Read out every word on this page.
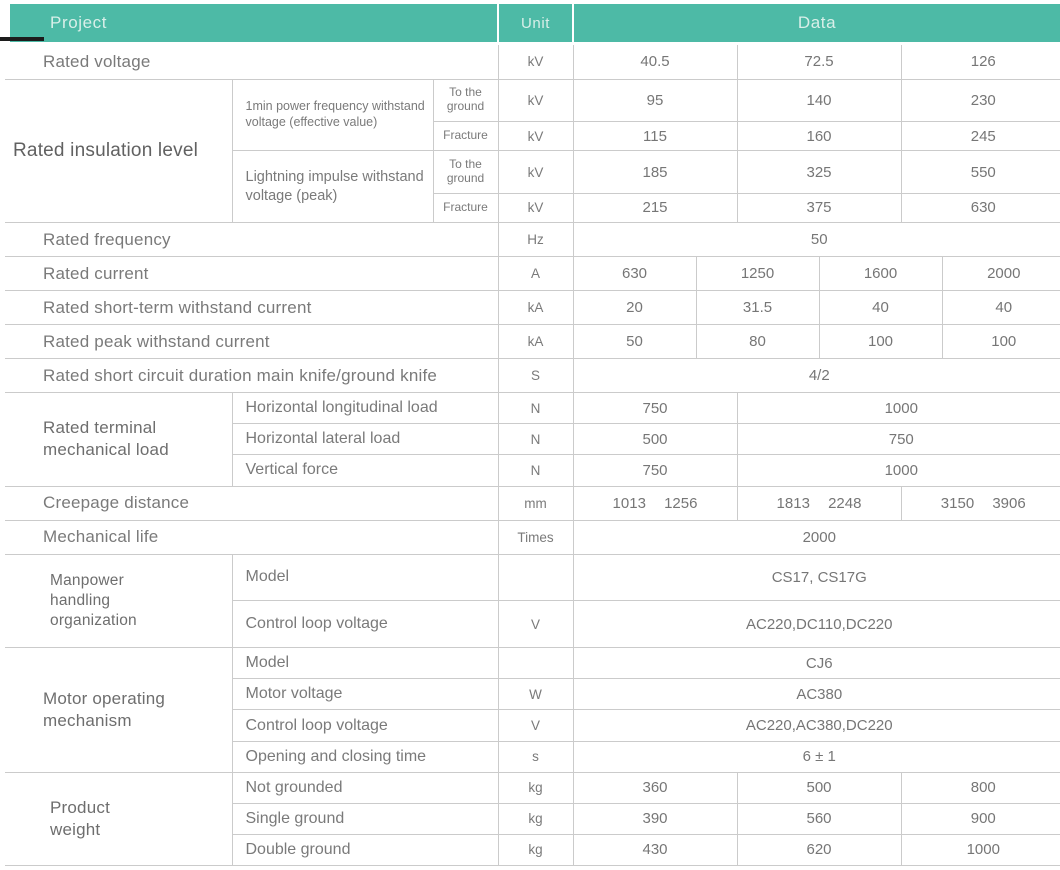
Project			Unit	Data					
Rated voltage			kV	40.5		72.5		126	
Rated insulation level	1min power frequency withstand voltage (effective value)	To the ground	kV	95		140		230	
		Fracture	kV	115		160		245	

	Lightning impulse withstand voltage (peak)	To the ground	kV	185		325		550	
		Fracture	kV	215		375		630	
Rated frequency			Hz	50					
Rated current			A	630	1250		1600		2000
Rated short-term withstand current			kA	20	31.5		40		40
Rated peak withstand current			kA	50	80		100		100
Rated short circuit duration main knife/ground knife			S	4/2					

Rated terminal mechanical load	Horizontal longitudinal load		N	750		1000			
	Horizontal lateral load		N	500		750			
	Vertical force		N	750		1000			
Creepage distance			mm	1013 1256		1813 2248		3150 3906	
Mechanical life			Times	2000					

Manpower handling organization	Model			CS17, CS17G					
	Control loop voltage		V	AC220,DC110,DC220					

Motor operating mechanism	Model			CJ6					
	Motor voltage		W	AC380					
	Control loop voltage		V	AC220,AC380,DC220					
	Opening and closing time		s	6 ± 1					

Product weight	Not grounded		kg	360		500		800	
	Single ground		kg	390		560		900	
	Double ground		kg	430		620		1000	
